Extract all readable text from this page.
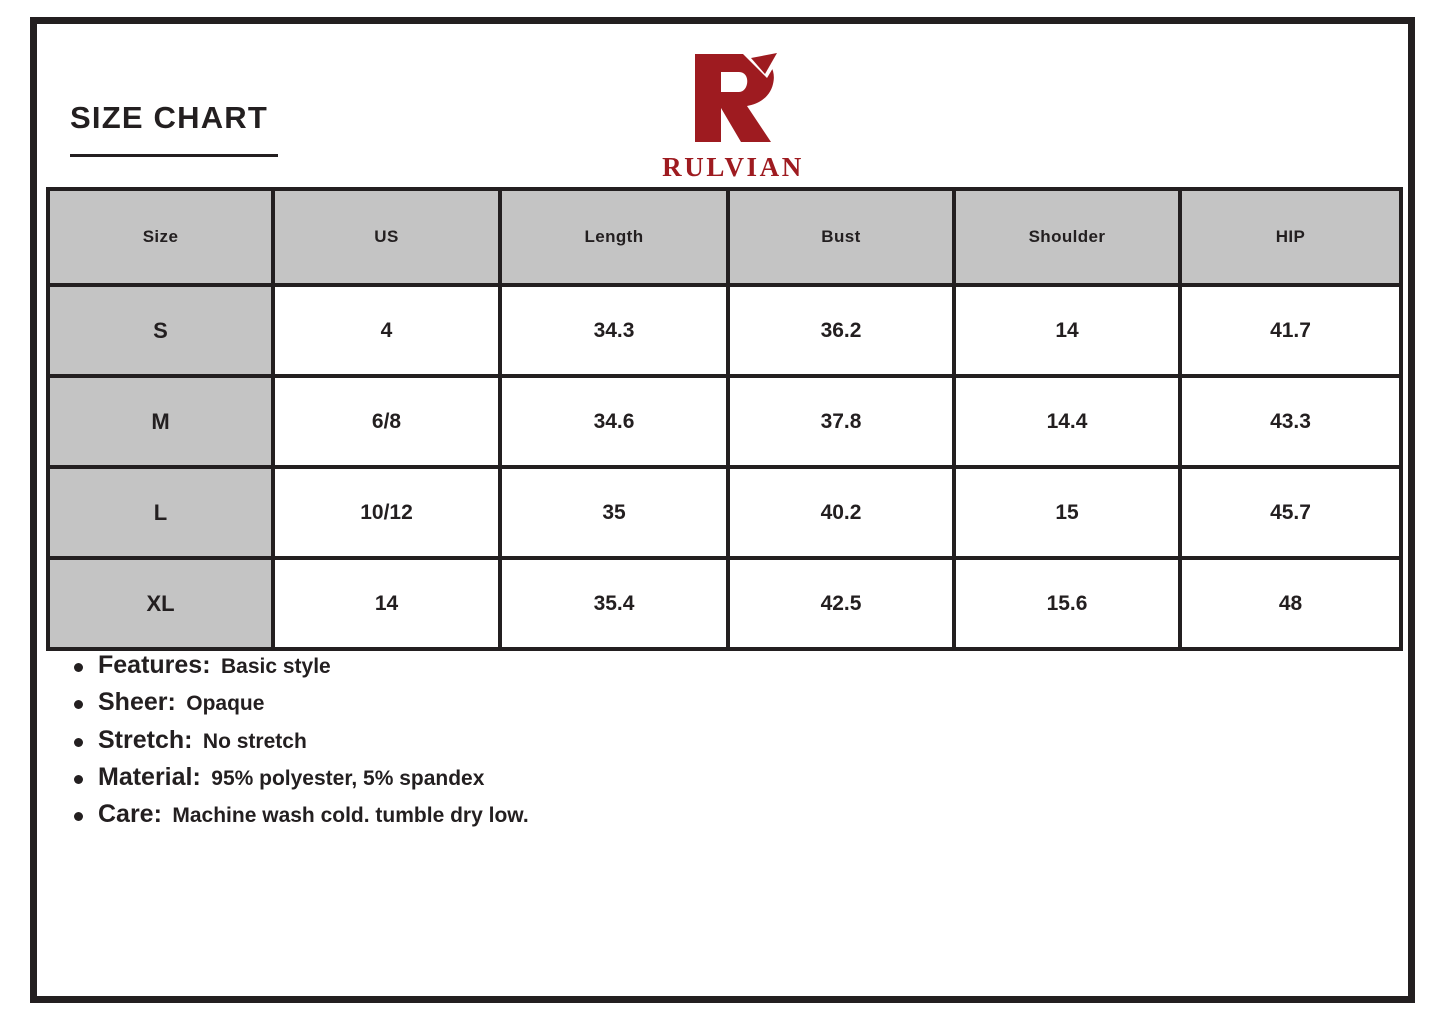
SIZE CHART
RULVIAN
Size	US	Length	Bust	Shoulder	HIP
S	4	34.3	36.2	14	41.7
M	6/8	34.6	37.8	14.4	43.3
L	10/12	35	40.2	15	45.7
XL	14	35.4	42.5	15.6	48
Features: Basic style
Sheer: Opaque
Stretch: No stretch
Material: 95% polyester, 5% spandex
Care: Machine wash cold. tumble dry low.
